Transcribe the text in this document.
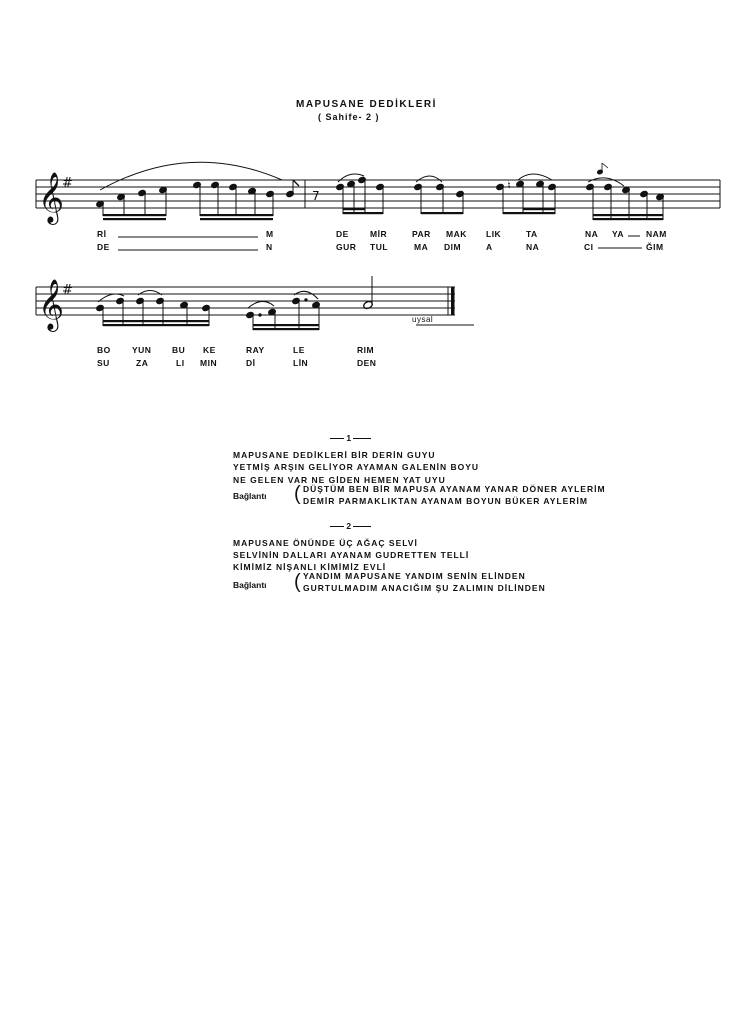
MAPUSANE DEDİKLERİ
( Sahife- 2 )
𝄞
#
7
♮
Rİ	M	DE MİR	PAR MAK LIK	TA	NA YA	NAM
DE	N	GUR TUL	MA DIM	A	NA	CI	ĞIM
𝄞
#
uysal
BO	YUN BU KE	RAY	LE	RIM
SU	ZA	LI MIN	Dİ	LİN	DEN
1
MAPUSANE DEDİKLERİ BİR DERİN GUYU
YETMİŞ ARŞIN GELİYOR AYAMAN GALENİN BOYU
NE GELEN VAR NE GİDEN HEMEN YAT UYU
Bağlantı ( DÜŞTÜM BEN BİR MAPUSA AYANAM YANAR DÖNER AYLERİM
DEMİR PARMAKLIKTAN AYANAM BOYUN BÜKER AYLERİM
2
MAPUSANE ÖNÜNDE ÜÇ AĞAÇ SELVİ
SELVİNİN DALLARI AYANAM GUDRETTEN TELLİ
KİMİMİZ NİŞANLI KİMİMİZ EVLİ
Bağlantı ( YANDIM MAPUSANE YANDIM SENİN ELİNDEN
GURTULMADIM ANACIĞIM ŞU ZALIMIN DİLİNDEN
